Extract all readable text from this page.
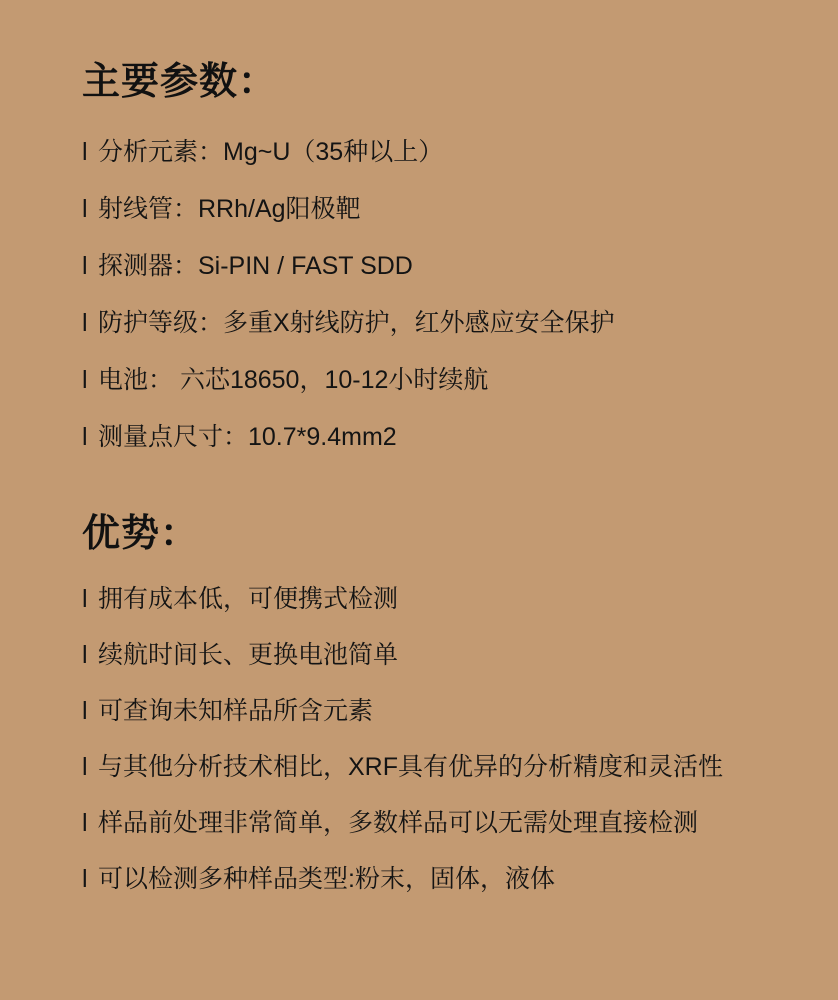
主要参数：
l 分析元素：Mg~U（35种以上）
l 射线管：RRh/Ag阳极靶
l 探测器：Si-PIN / FAST SDD
l 防护等级：多重X射线防护，红外感应安全保护
l 电池： 六芯18650，10-12小时续航
l 测量点尺寸：10.7*9.4mm2
优势：
l 拥有成本低，可便携式检测
l 续航时间长、更换电池简单
l 可查询未知样品所含元素
l 与其他分析技术相比，XRF具有优异的分析精度和灵活性
l 样品前处理非常简单，多数样品可以无需处理直接检测
l 可以检测多种样品类型:粉末，固体，液体
